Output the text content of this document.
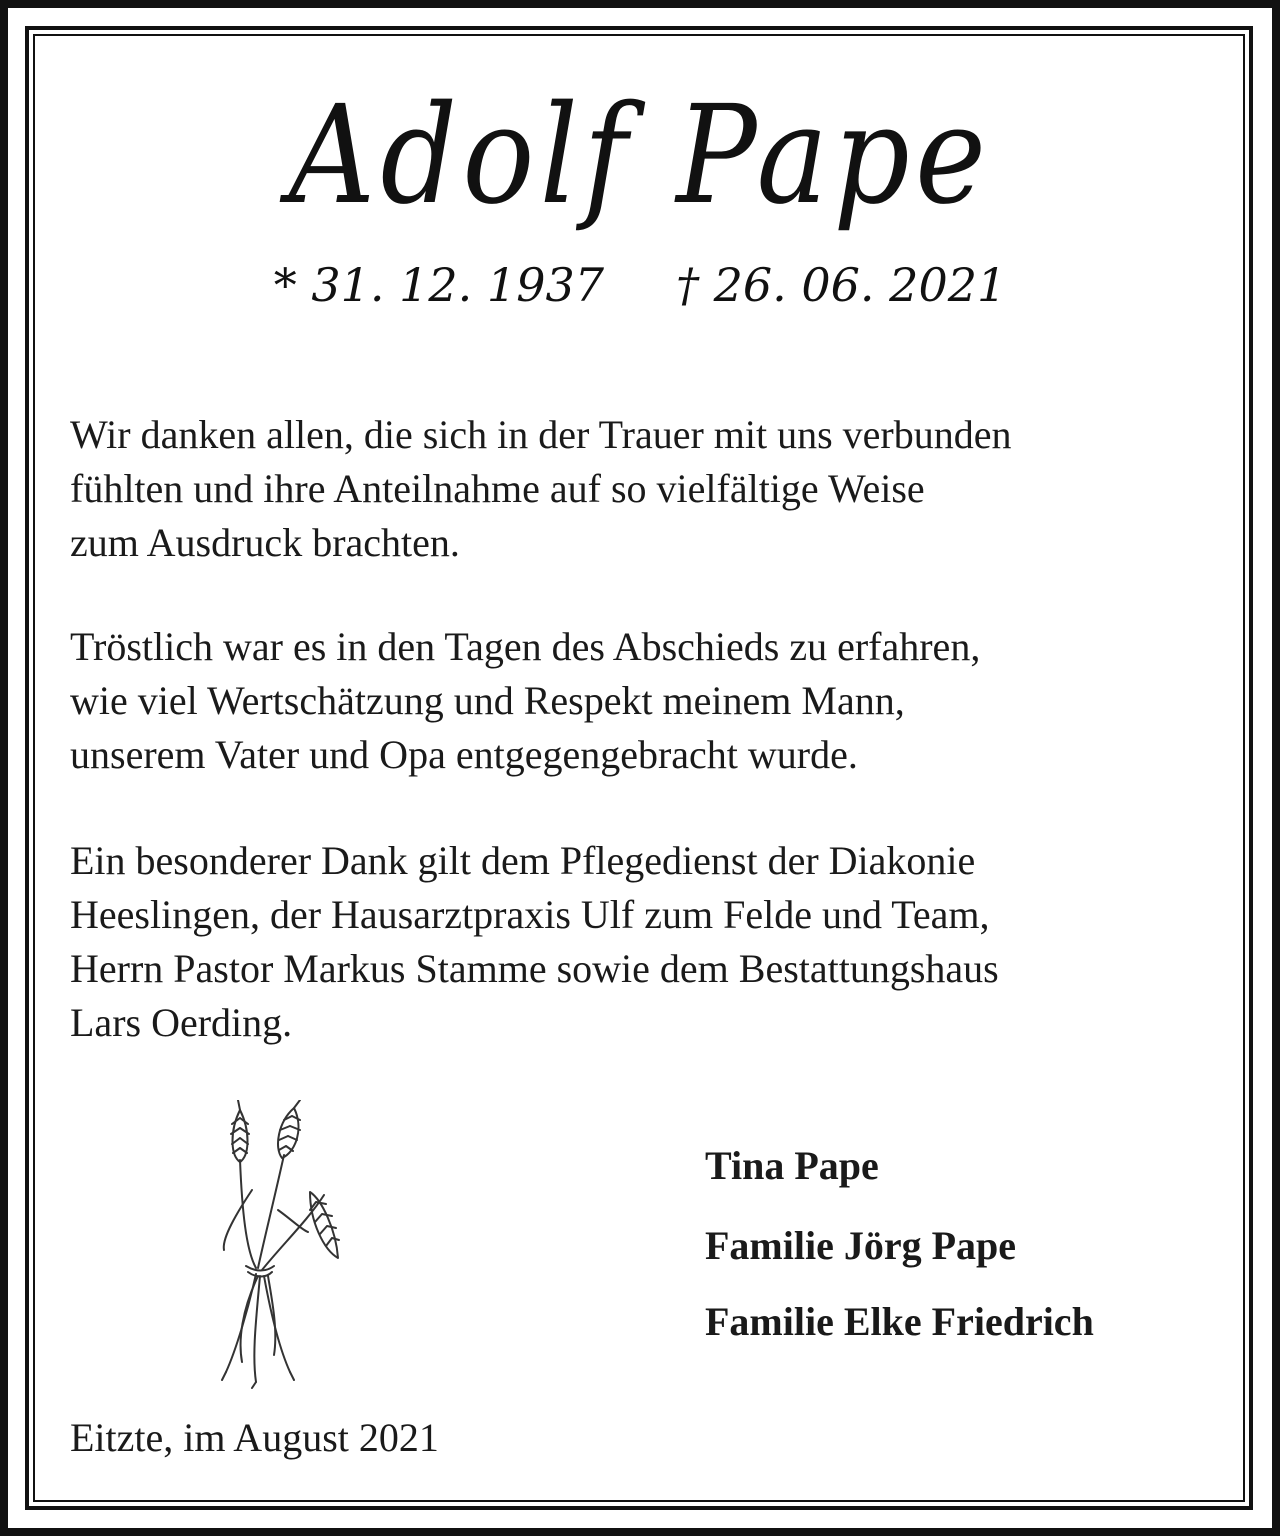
Adolf Pape
* 31. 12. 1937 † 26. 06. 2021

Wir danken allen, die sich in der Trauer mit uns verbunden
fühlten und ihre Anteilnahme auf so vielfältige Weise
zum Ausdruck brachten.

Tröstlich war es in den Tagen des Abschieds zu erfahren,
wie viel Wertschätzung und Respekt meinem Mann,
unserem Vater und Opa entgegengebracht wurde.

Ein besonderer Dank gilt dem Pflegedienst der Diakonie
Heeslingen, der Hausarztpraxis Ulf zum Felde und Team,
Herrn Pastor Markus Stamme sowie dem Bestattungshaus
Lars Oerding.

Tina Pape
Familie Jörg Pape
Familie Elke Friedrich
Eitzte, im August 2021
